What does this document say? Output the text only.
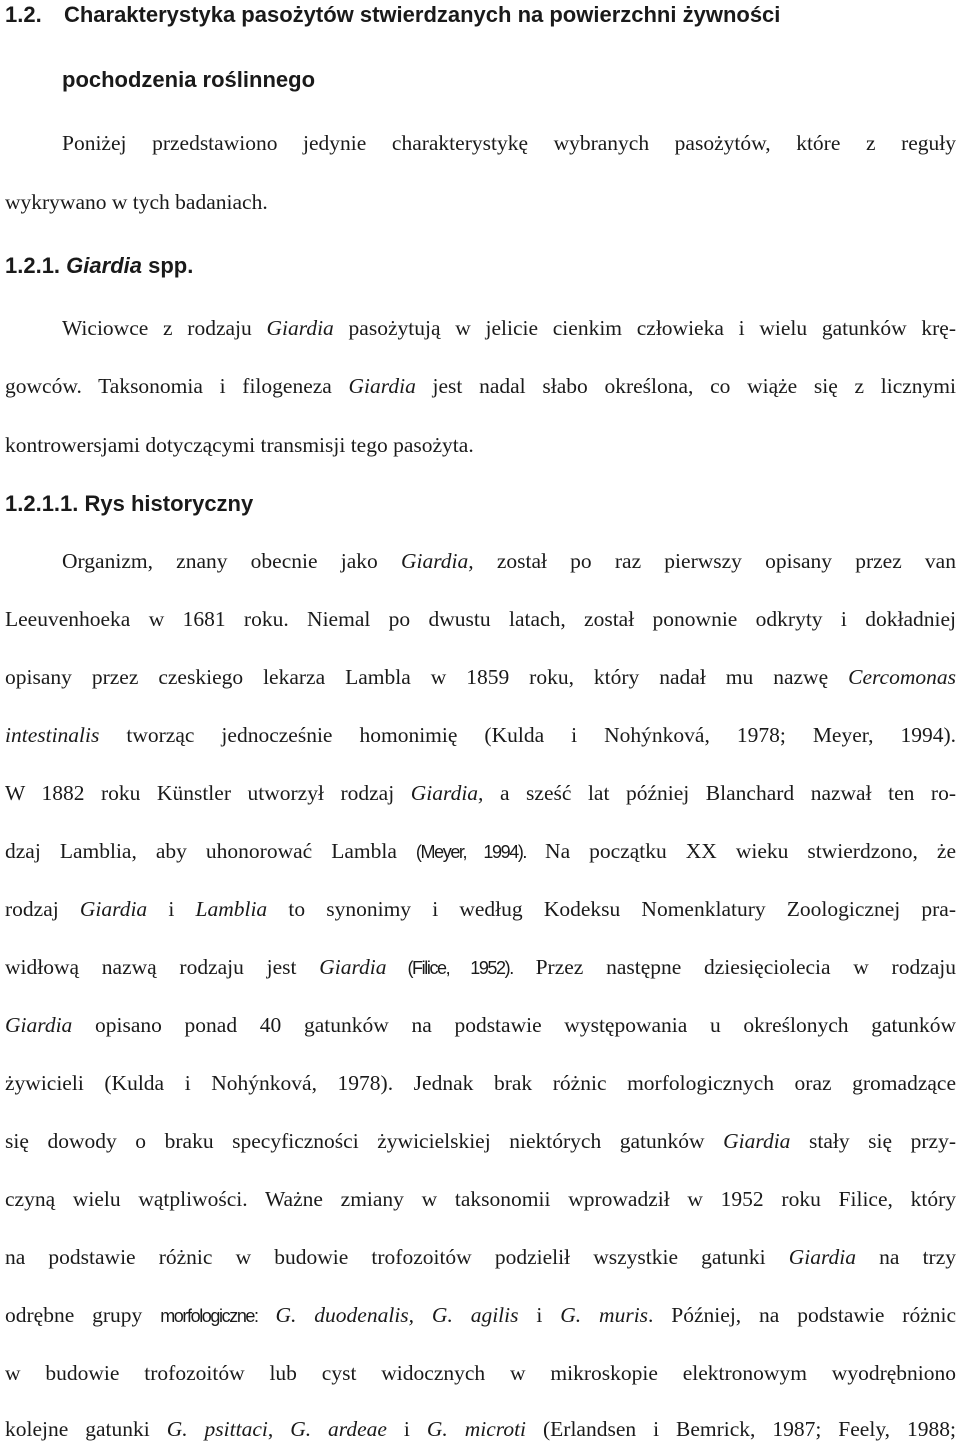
1.2. Charakterystyka pasożytów stwierdzanych na powierzchni żywności
pochodzenia roślinnego
Poniżej przedstawiono jedynie charakterystykę wybranych pasożytów, które z reguły
wykrywano w tych badaniach.
1.2.1. Giardia spp.
Wiciowce z rodzaju Giardia pasożytują w jelicie cienkim człowieka i wielu gatunków krę-
gowców. Taksonomia i filogeneza Giardia jest nadal słabo określona, co wiąże się z licznymi
kontrowersjami dotyczącymi transmisji tego pasożyta.
1.2.1.1. Rys historyczny
Organizm, znany obecnie jako Giardia, został po raz pierwszy opisany przez van
Leeuvenhoeka w 1681 roku. Niemal po dwustu latach, został ponownie odkryty i dokładniej
opisany przez czeskiego lekarza Lambla w 1859 roku, który nadał mu nazwę Cercomonas
intestinalis tworząc jednocześnie homonimię (Kulda i Nohýnková, 1978; Meyer, 1994).
W 1882 roku Künstler utworzył rodzaj Giardia, a sześć lat później Blanchard nazwał ten ro-
dzaj Lamblia, aby uhonorować Lambla (Meyer, 1994). Na początku XX wieku stwierdzono, że
rodzaj Giardia i Lamblia to synonimy i według Kodeksu Nomenklatury Zoologicznej pra-
widłową nazwą rodzaju jest Giardia (Filice, 1952). Przez następne dziesięciolecia w rodzaju
Giardia opisano ponad 40 gatunków na podstawie występowania u określonych gatunków
żywicieli (Kulda i Nohýnková, 1978). Jednak brak różnic morfologicznych oraz gromadzące
się dowody o braku specyficzności żywicielskiej niektórych gatunków Giardia stały się przy-
czyną wielu wątpliwości. Ważne zmiany w taksonomii wprowadził w 1952 roku Filice, który
na podstawie różnic w budowie trofozoitów podzielił wszystkie gatunki Giardia na trzy
odrębne grupy morfologiczne: G. duodenalis, G. agilis i G. muris. Później, na podstawie różnic
w budowie trofozoitów lub cyst widocznych w mikroskopie elektronowym wyodrębniono
kolejne gatunki G. psittaci, G. ardeae i G. microti (Erlandsen i Bemrick, 1987; Feely, 1988;
